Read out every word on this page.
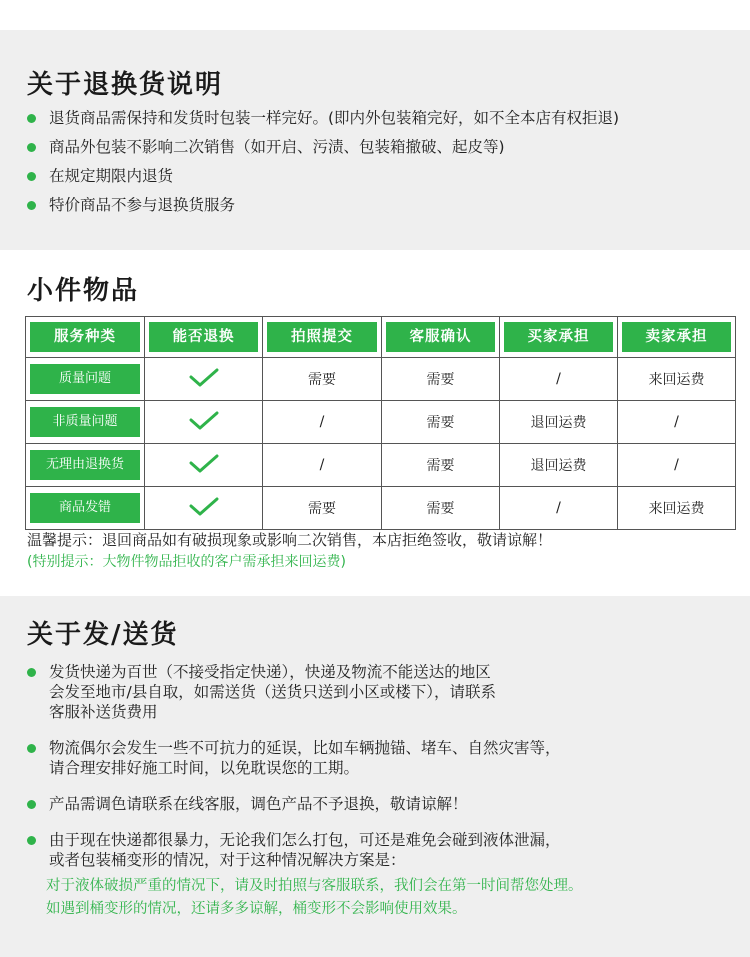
关于退换货说明
退货商品需保持和发货时包装一样完好。(即内外包装箱完好，如不全本店有权拒退)
商品外包装不影响二次销售（如开启、污渍、包装箱撤破、起皮等)
在规定期限内退货
特价商品不参与退换货服务
小件物品
服务种类	能否退换	拍照提交	客服确认	买家承担	卖家承担

质量问题		需要	需要	/	来回运费

非质量问题		/	需要	退回运费	/

无理由退换货		/	需要	退回运费	/

商品发错		需要	需要	/	来回运费
温馨提示：退回商品如有破损现象或影响二次销售，本店拒绝签收，敬请谅解！
(特别提示：大物件物品拒收的客户需承担来回运费)
关于发/送货
发货快递为百世（不接受指定快递），快递及物流不能送达的地区
会发至地市/县自取，如需送货（送货只送到小区或楼下），请联系
客服补送货费用
物流偶尔会发生一些不可抗力的延误，比如车辆抛锚、堵车、自然灾害等，
请合理安排好施工时间，以免耽误您的工期。
产品需调色请联系在线客服，调色产品不予退换，敬请谅解！
由于现在快递都很暴力，无论我们怎么打包，可还是难免会碰到液体泄漏，
或者包装桶变形的情况，对于这种情况解决方案是：
对于液体破损严重的情况下，请及时拍照与客服联系，我们会在第一时间帮您处理。
如遇到桶变形的情况，还请多多谅解，桶变形不会影响使用效果。
